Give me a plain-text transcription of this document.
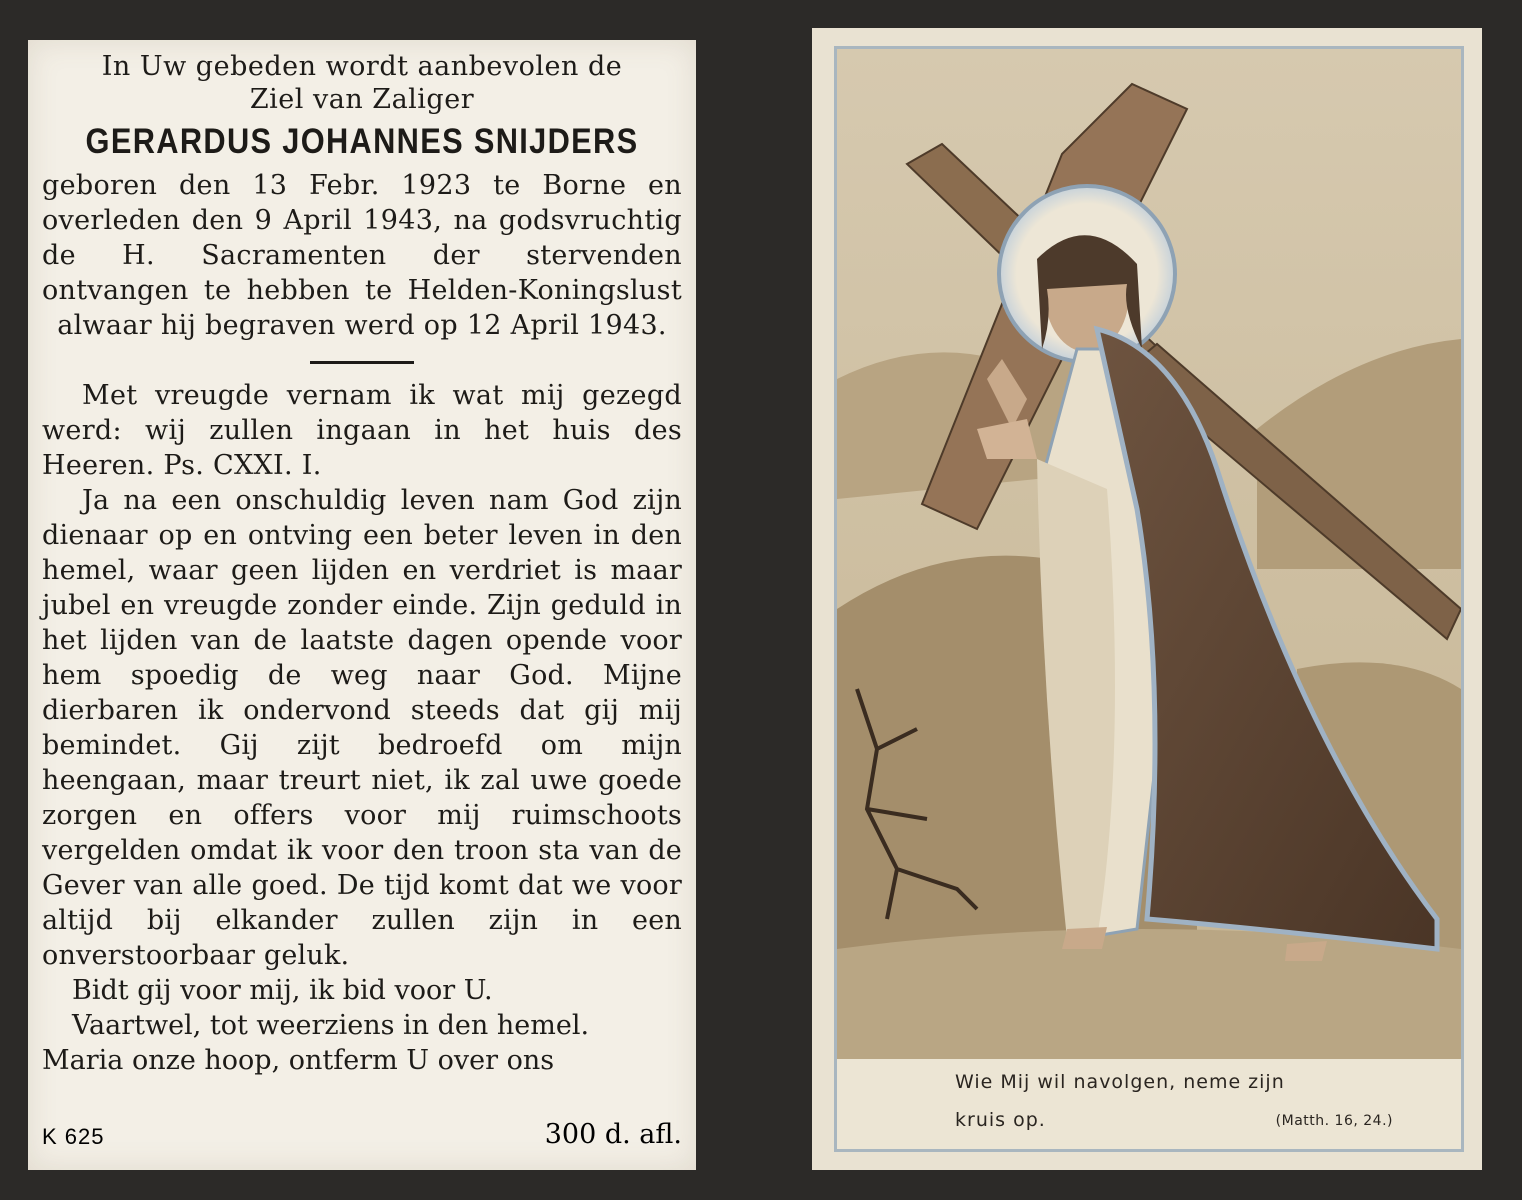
In Uw gebeden wordt aanbevolen de
Ziel van Zaliger
GERARDUS JOHANNES SNIJDERS
geboren den 13 Febr. 1923 te Borne en overleden den 9 April 1943, na godsvruchtig de H. Sacramenten der stervenden ontvangen te hebben te Helden-Koningslust alwaar hij begraven werd op 12 April 1943.
Met vreugde vernam ik wat mij gezegd werd: wij zullen ingaan in het huis des Heeren. Ps. CXXI. I.
Ja na een onschuldig leven nam God zijn dienaar op en ontving een beter leven in den hemel, waar geen lijden en verdriet is maar jubel en vreugde zonder einde. Zijn geduld in het lijden van de laatste dagen opende voor hem spoedig de weg naar God. Mijne dierbaren ik ondervond steeds dat gij mij bemindet. Gij zijt bedroefd om mijn heengaan, maar treurt niet, ik zal uwe goede zorgen en offers voor mij ruimschoots vergelden omdat ik voor den troon sta van de Gever van alle goed. De tijd komt dat we voor altijd bij elkander zullen zijn in een onverstoorbaar geluk.
Bidt gij voor mij, ik bid voor U.
Vaartwel, tot weerziens in den hemel.
Maria onze hoop, ontferm U over ons
K 625	300 d. afl.
Wie Mij wil navolgen, neme zijn
kruis op.	(Matth. 16, 24.)
